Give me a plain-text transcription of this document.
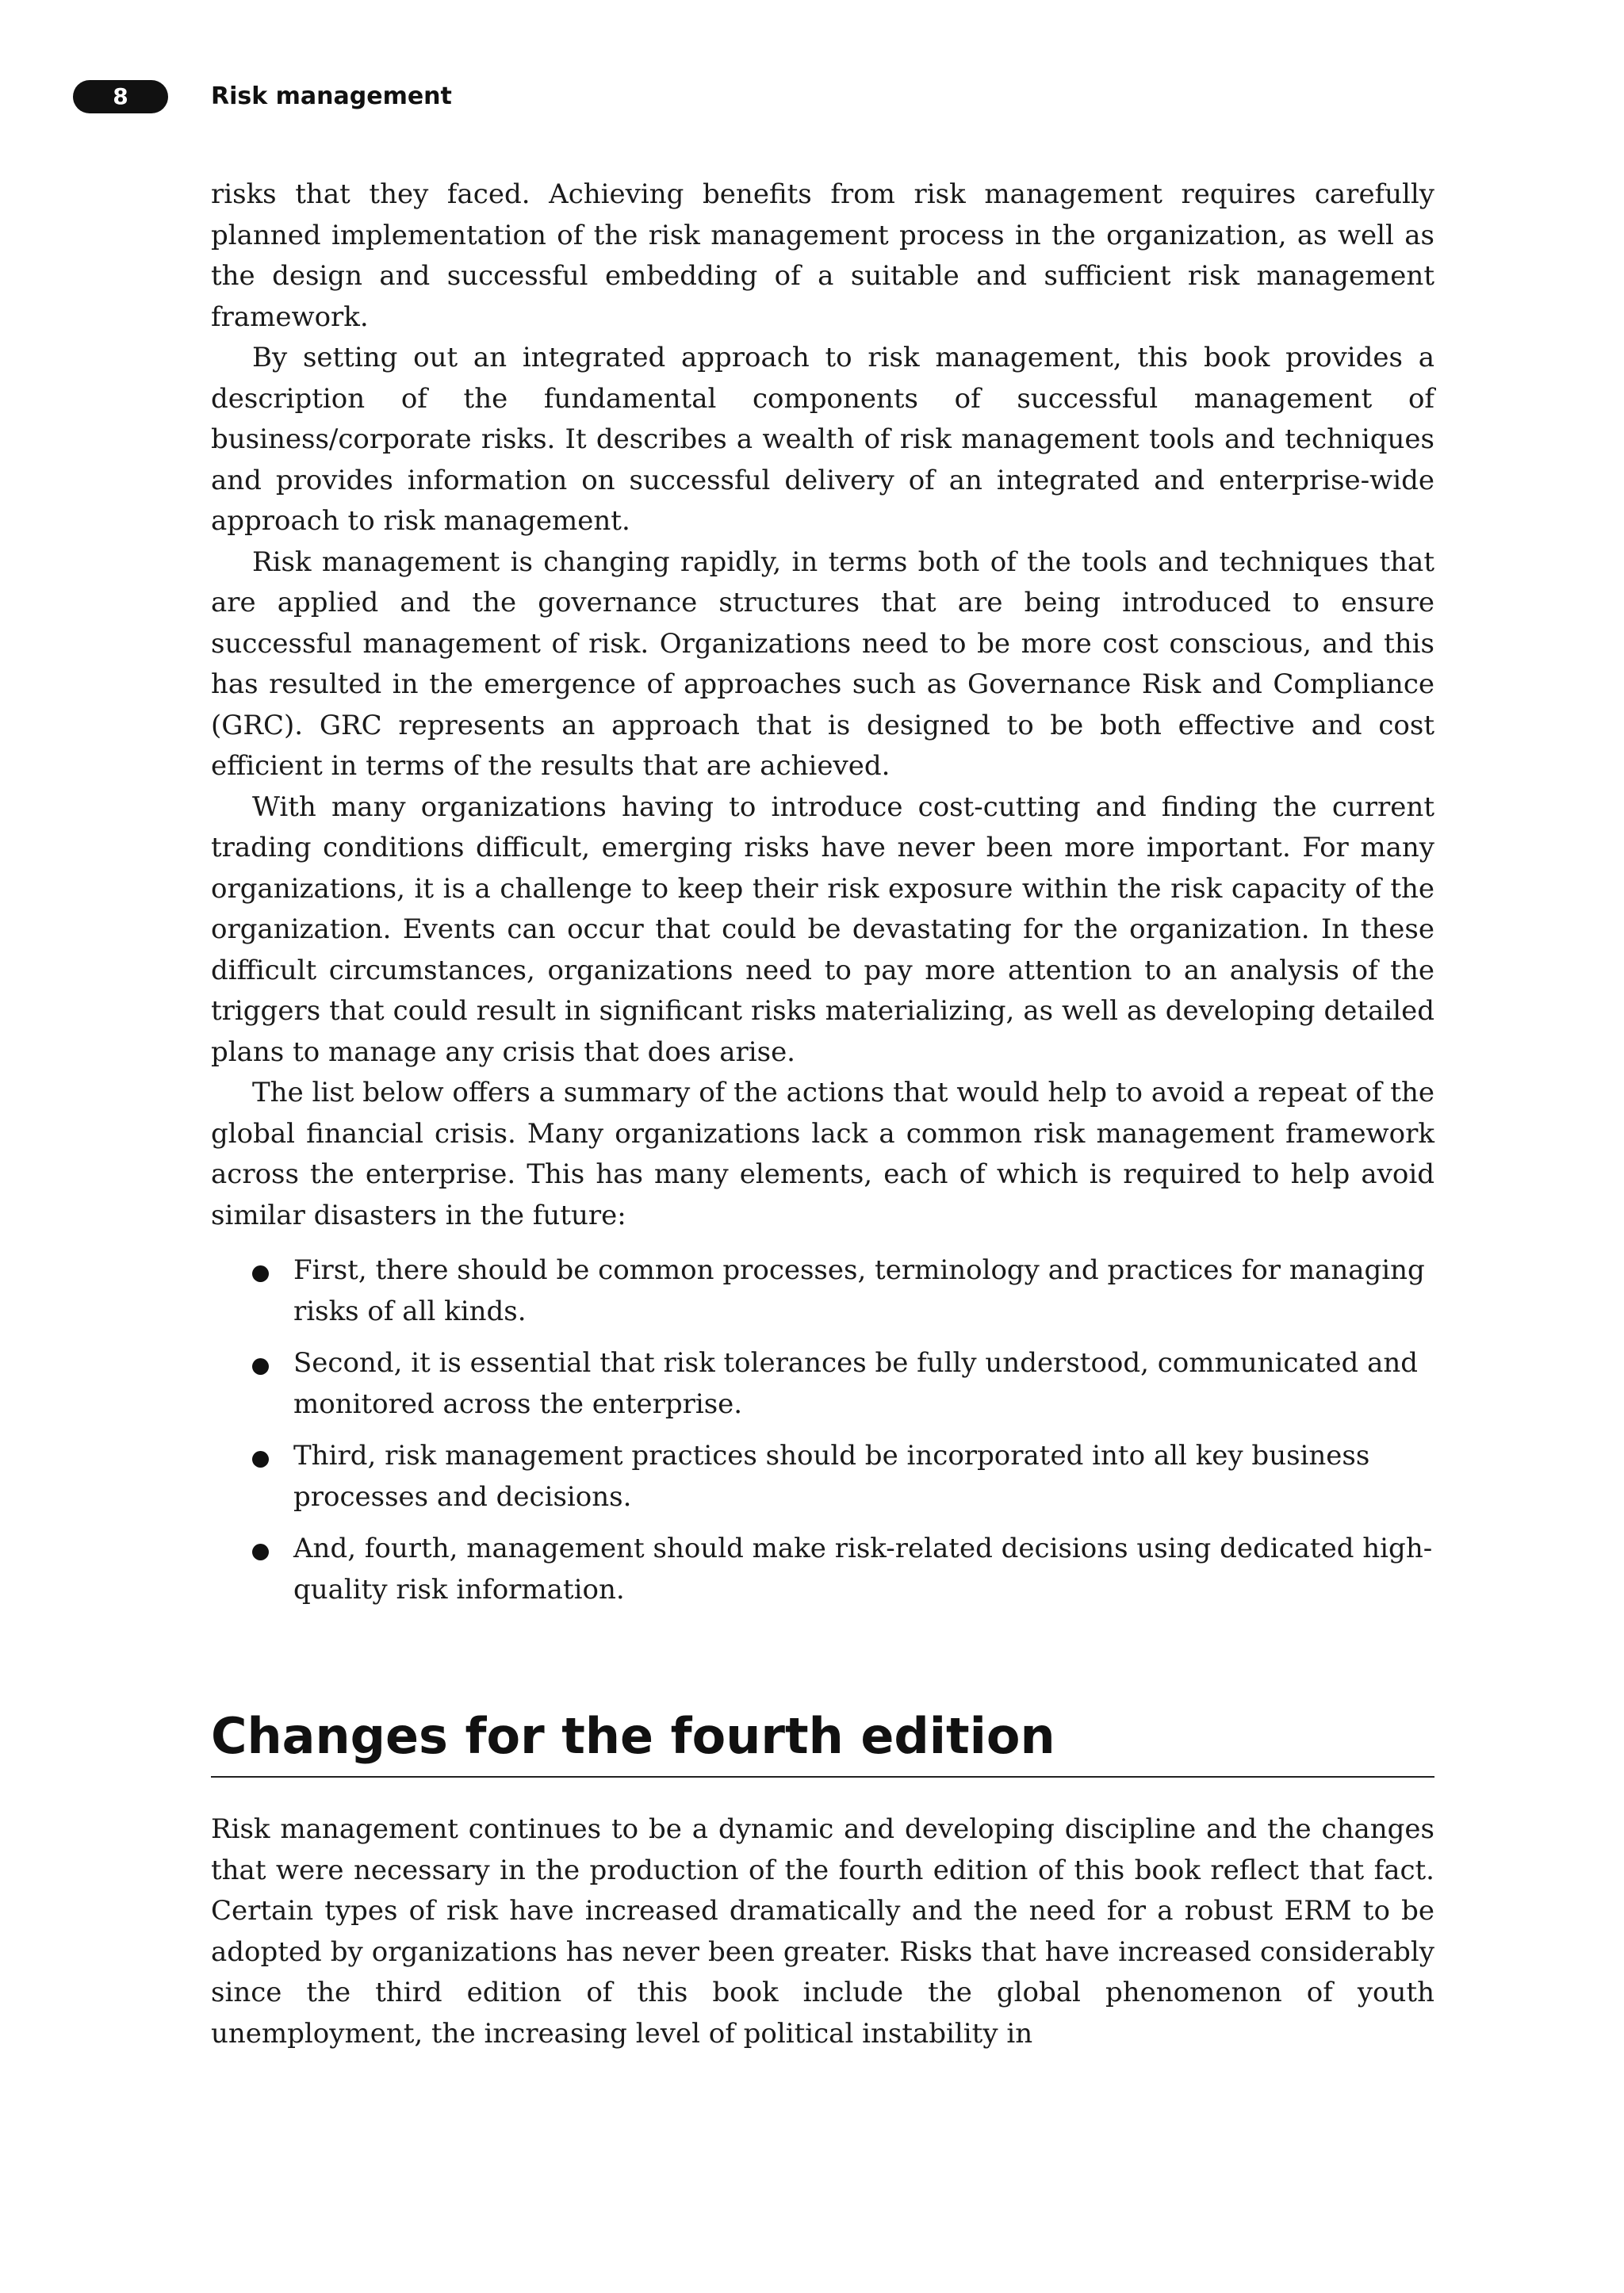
8	Risk management

risks that they faced. Achieving benefits from risk management requires carefully planned implementation of the risk management process in the organization, as well as the design and successful embedding of a suitable and sufficient risk management framework.

By setting out an integrated approach to risk management, this book provides a description of the fundamental components of successful management of business/corporate risks. It describes a wealth of risk management tools and techniques and provides information on successful delivery of an integrated and enterprise-wide approach to risk management.

Risk management is changing rapidly, in terms both of the tools and techniques that are applied and the governance structures that are being introduced to ensure successful management of risk. Organizations need to be more cost conscious, and this has resulted in the emergence of approaches such as Governance Risk and Compliance (GRC). GRC represents an approach that is designed to be both effective and cost efficient in terms of the results that are achieved.

With many organizations having to introduce cost-cutting and finding the current trading conditions difficult, emerging risks have never been more important. For many organizations, it is a challenge to keep their risk exposure within the risk capacity of the organization. Events can occur that could be devastating for the organization. In these difficult circumstances, organizations need to pay more attention to an analysis of the triggers that could result in significant risks materializing, as well as developing detailed plans to manage any crisis that does arise.

The list below offers a summary of the actions that would help to avoid a repeat of the global financial crisis. Many organizations lack a common risk management framework across the enterprise. This has many elements, each of which is required to help avoid similar disasters in the future:

First, there should be common processes, terminology and practices for managing risks of all kinds.
Second, it is essential that risk tolerances be fully understood, communicated and monitored across the enterprise.
Third, risk management practices should be incorporated into all key business processes and decisions.
And, fourth, management should make risk-related decisions using dedicated high-quality risk information.
Changes for the fourth edition

Risk management continues to be a dynamic and developing discipline and the changes that were necessary in the production of the fourth edition of this book reflect that fact. Certain types of risk have increased dramatically and the need for a robust ERM to be adopted by organizations has never been greater. Risks that have increased considerably since the third edition of this book include the global phenomenon of youth unemployment, the increasing level of political instability in
